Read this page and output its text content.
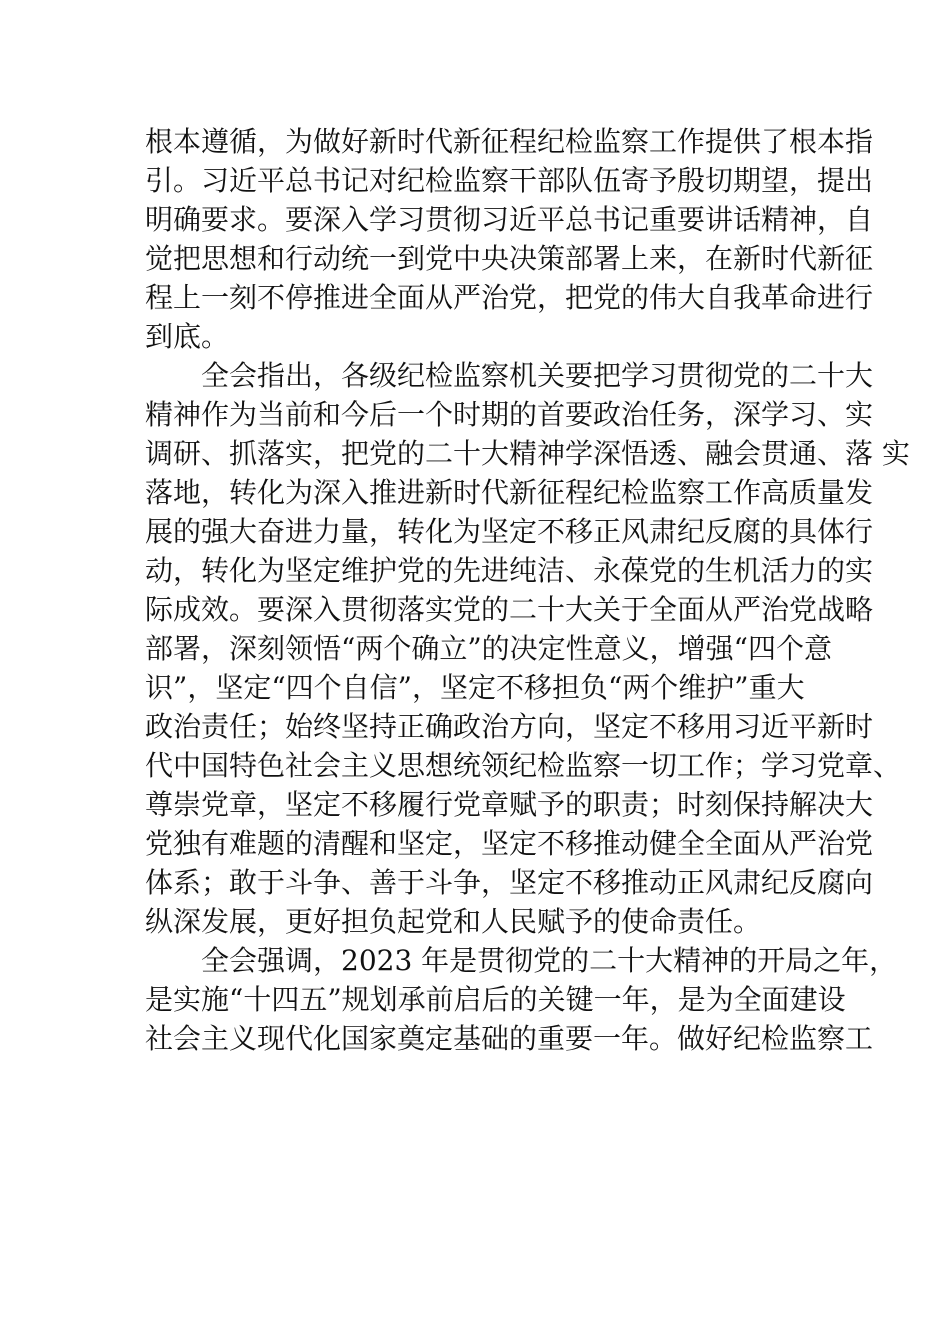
根本遵循，为做好新时代新征程纪检监察工作提供了根本指

引。习近平总书记对纪检监察干部队伍寄予殷切期望，提出

明确要求。要深入学习贯彻习近平总书记重要讲话精神，自

觉把思想和行动统一到党中央决策部署上来，在新时代新征

程上一刻不停推进全面从严治党，把党的伟大自我革命进行

到底。

全会指出，各级纪检监察机关要把学习贯彻党的二十大

精神作为当前和今后一个时期的首要政治任务，深学习、实

调研、抓落实，把党的二十大精神学深悟透、融会贯通、落 实

落地，转化为深入推进新时代新征程纪检监察工作高质量发

展的强大奋进力量，转化为坚定不移正风肃纪反腐的具体行

动，转化为坚定维护党的先进纯洁、永葆党的生机活力的实

际成效。要深入贯彻落实党的二十大关于全面从严治党战略

部署，深刻领悟“两个确立”的决定性意义，增强“四个意

识”，坚定“四个自信”，坚定不移担负“两个维护”重大

政治责任；始终坚持正确政治方向，坚定不移用习近平新时

代中国特色社会主义思想统领纪检监察一切工作；学习党章、

尊崇党章，坚定不移履行党章赋予的职责；时刻保持解决大

党独有难题的清醒和坚定，坚定不移推动健全全面从严治党

体系；敢于斗争、善于斗争，坚定不移推动正风肃纪反腐向

纵深发展，更好担负起党和人民赋予的使命责任。

全会强调，2023 年是贯彻党的二十大精神的开局之年，

是实施“十四五”规划承前启后的关键一年，是为全面建设

社会主义现代化国家奠定基础的重要一年。做好纪检监察工
